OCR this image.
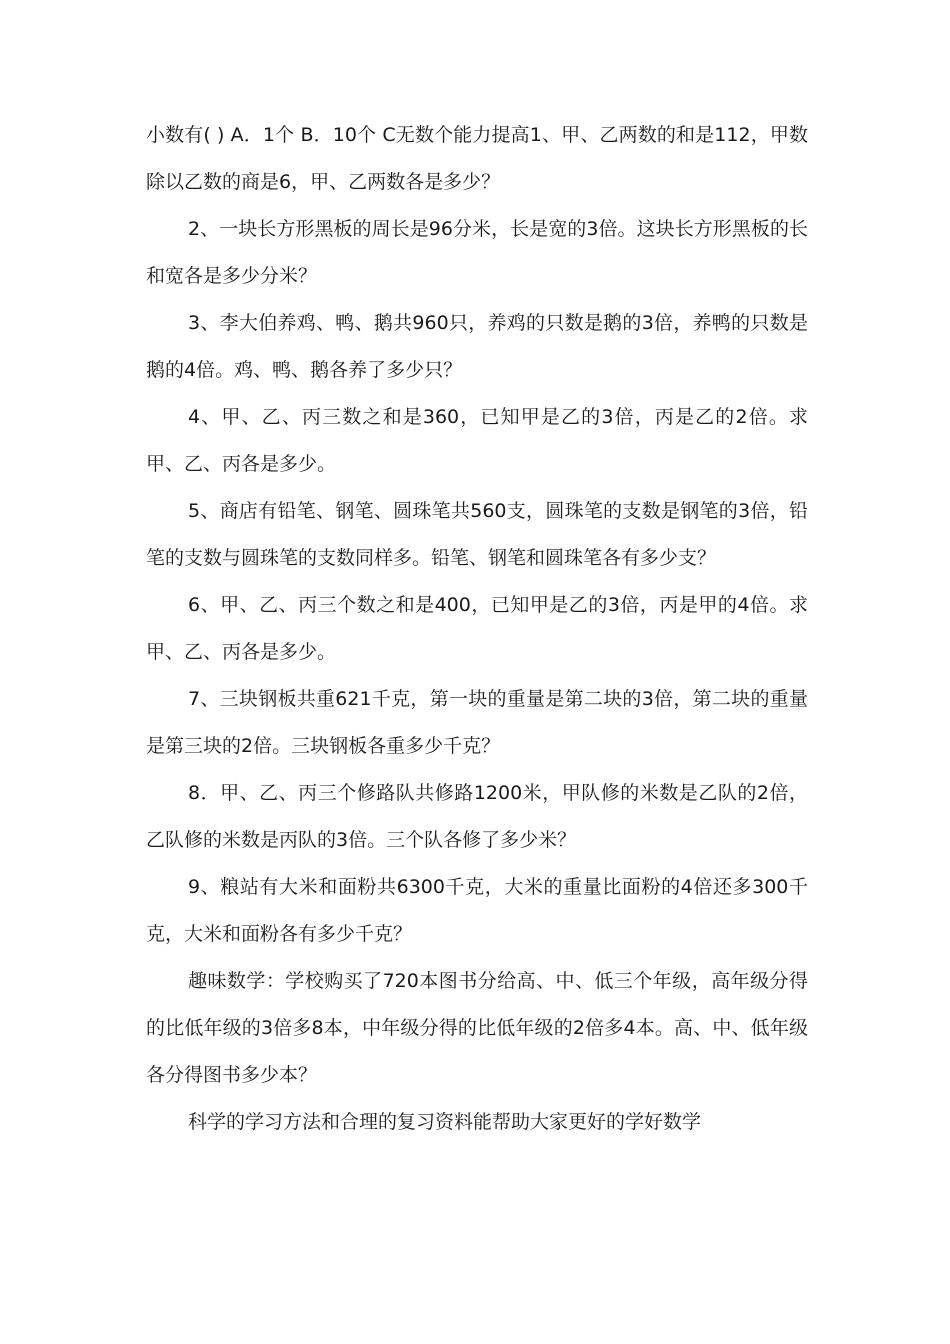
小数有( ) A．1个 B．10个 C无数个能力提高1、甲、乙两数的和是112，甲数除以乙数的商是6，甲、乙两数各是多少？

2、一块长方形黑板的周长是96分米，长是宽的3倍。这块长方形黑板的长和宽各是多少分米？

3、李大伯养鸡、鸭、鹅共960只，养鸡的只数是鹅的3倍，养鸭的只数是鹅的4倍。鸡、鸭、鹅各养了多少只？

4、甲、乙、丙三数之和是360，已知甲是乙的3倍，丙是乙的2倍。求甲、乙、丙各是多少。

5、商店有铅笔、钢笔、圆珠笔共560支，圆珠笔的支数是钢笔的3倍，铅笔的支数与圆珠笔的支数同样多。铅笔、钢笔和圆珠笔各有多少支？

6、甲、乙、丙三个数之和是400，已知甲是乙的3倍，丙是甲的4倍。求甲、乙、丙各是多少。

7、三块钢板共重621千克，第一块的重量是第二块的3倍，第二块的重量是第三块的2倍。三块钢板各重多少千克？

8．甲、乙、丙三个修路队共修路1200米，甲队修的米数是乙队的2倍，乙队修的米数是丙队的3倍。三个队各修了多少米？

9、粮站有大米和面粉共6300千克，大米的重量比面粉的4倍还多300千克，大米和面粉各有多少千克？

趣味数学：学校购买了720本图书分给高、中、低三个年级，高年级分得的比低年级的3倍多8本，中年级分得的比低年级的2倍多4本。高、中、低年级各分得图书多少本？

科学的学习方法和合理的复习资料能帮助大家更好的学好数学
